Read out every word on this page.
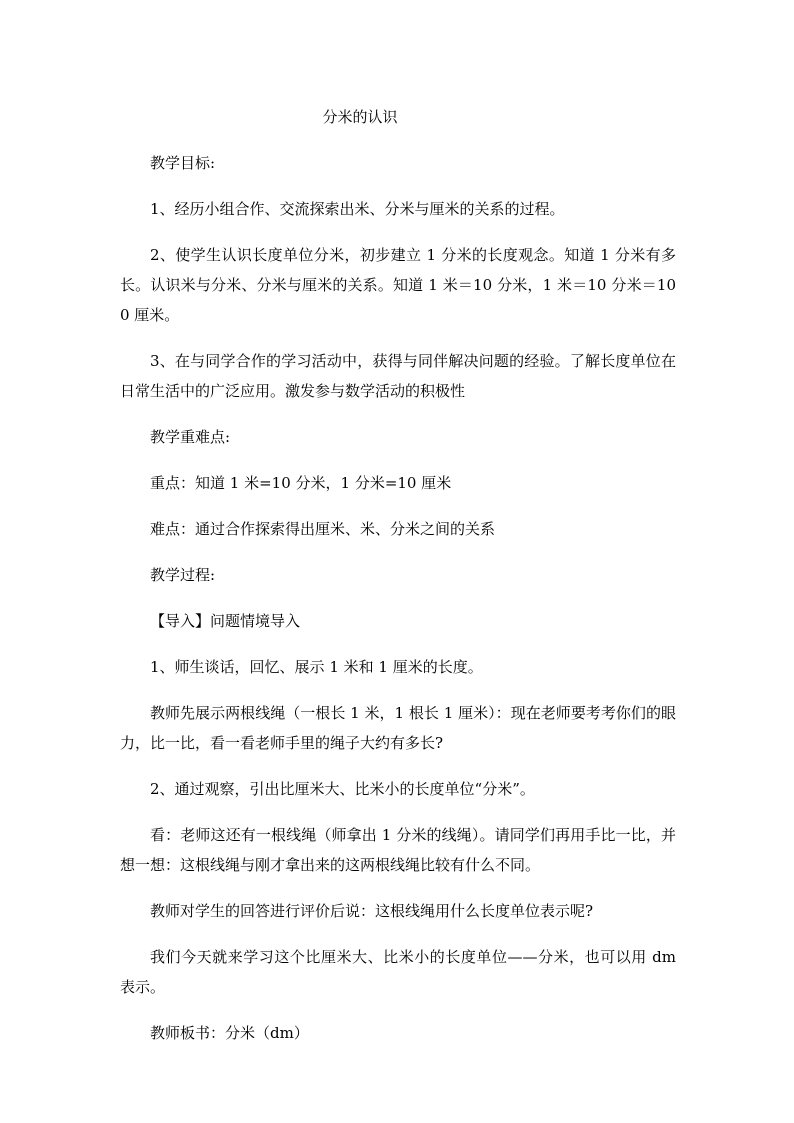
分米的认识

教学目标:

1、经历小组合作、交流探索出米、分米与厘米的关系的过程。

2、使学生认识长度单位分米，初步建立 1 分米的长度观念。知道 1 分米有多长。认识米与分米、分米与厘米的关系。知道 1 米＝10 分米，1 米＝10 分米＝100 厘米。

3、在与同学合作的学习活动中，获得与同伴解决问题的经验。了解长度单位在日常生活中的广泛应用。激发参与数学活动的积极性

教学重难点:

重点：知道 1 米=10 分米，1 分米=10 厘米

难点：通过合作探索得出厘米、米、分米之间的关系

教学过程:

【导入】问题情境导入

1、师生谈话，回忆、展示 1 米和 1 厘米的长度。

教师先展示两根线绳（一根长 1 米，1 根长 1 厘米）：现在老师要考考你们的眼力，比一比，看一看老师手里的绳子大约有多长?

2、通过观察，引出比厘米大、比米小的长度单位“分米”。

看：老师这还有一根线绳（师拿出 1 分米的线绳）。请同学们再用手比一比，并想一想：这根线绳与刚才拿出来的这两根线绳比较有什么不同。

教师对学生的回答进行评价后说：这根线绳用什么长度单位表示呢?

我们今天就来学习这个比厘米大、比米小的长度单位——分米，也可以用 dm 表示。

教师板书：分米（dm）
